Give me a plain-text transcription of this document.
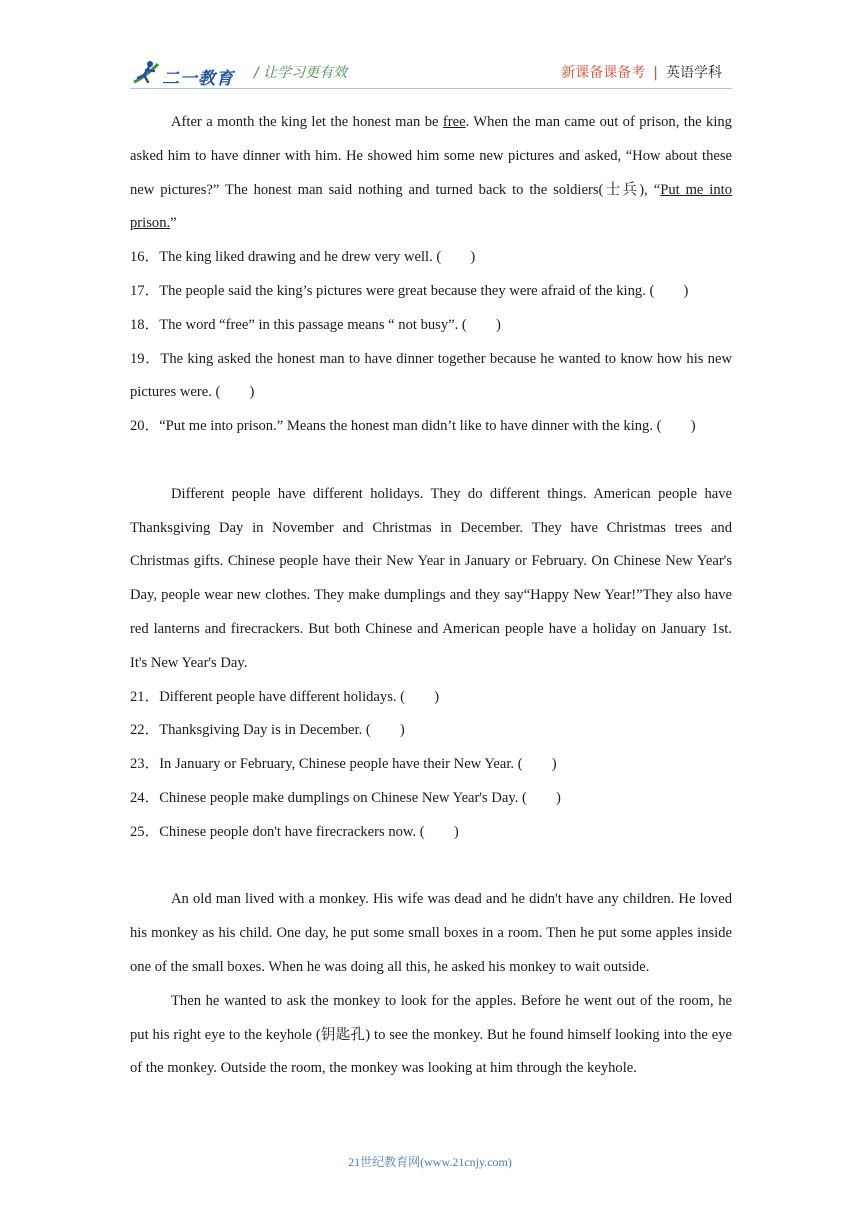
二一教育 / 让学习更有效	新课备课备考 | 英语学科

After a month the king let the honest man be free. When the man came out of prison, the king asked him to have dinner with him. He showed him some new pictures and asked, “How about these new pictures?” The honest man said nothing and turned back to the soldiers(士兵), “Put me into prison.”

16．The king liked drawing and he drew very well. (　　)

17．The people said the king’s pictures were great because they were afraid of the king. (　　)

18．The word “free” in this passage means “ not busy”. (　　)

19．The king asked the honest man to have dinner together because he wanted to know how his new pictures were. (　　)

20．“Put me into prison.” Means the honest man didn’t like to have dinner with the king. (　　)

Different people have different holidays. They do different things. American people have Thanksgiving Day in November and Christmas in December. They have Christmas trees and Christmas gifts. Chinese people have their New Year in January or February. On Chinese New Year's Day, people wear new clothes. They make dumplings and they say“Happy New Year!”They also have red lanterns and firecrackers. But both Chinese and American people have a holiday on January 1st. It's New Year's Day.

21．Different people have different holidays. (　　)

22．Thanksgiving Day is in December. (　　)

23．In January or February, Chinese people have their New Year. (　　)

24．Chinese people make dumplings on Chinese New Year's Day. (　　)

25．Chinese people don't have firecrackers now. (　　)

An old man lived with a monkey. His wife was dead and he didn't have any children. He loved his monkey as his child. One day, he put some small boxes in a room. Then he put some apples inside one of the small boxes. When he was doing all this, he asked his monkey to wait outside.

Then he wanted to ask the monkey to look for the apples. Before he went out of the room, he put his right eye to the keyhole (钥匙孔) to see the monkey. But he found himself looking into the eye of the monkey. Outside the room, the monkey was looking at him through the keyhole.

21世纪教育网(www.21cnjy.com)
